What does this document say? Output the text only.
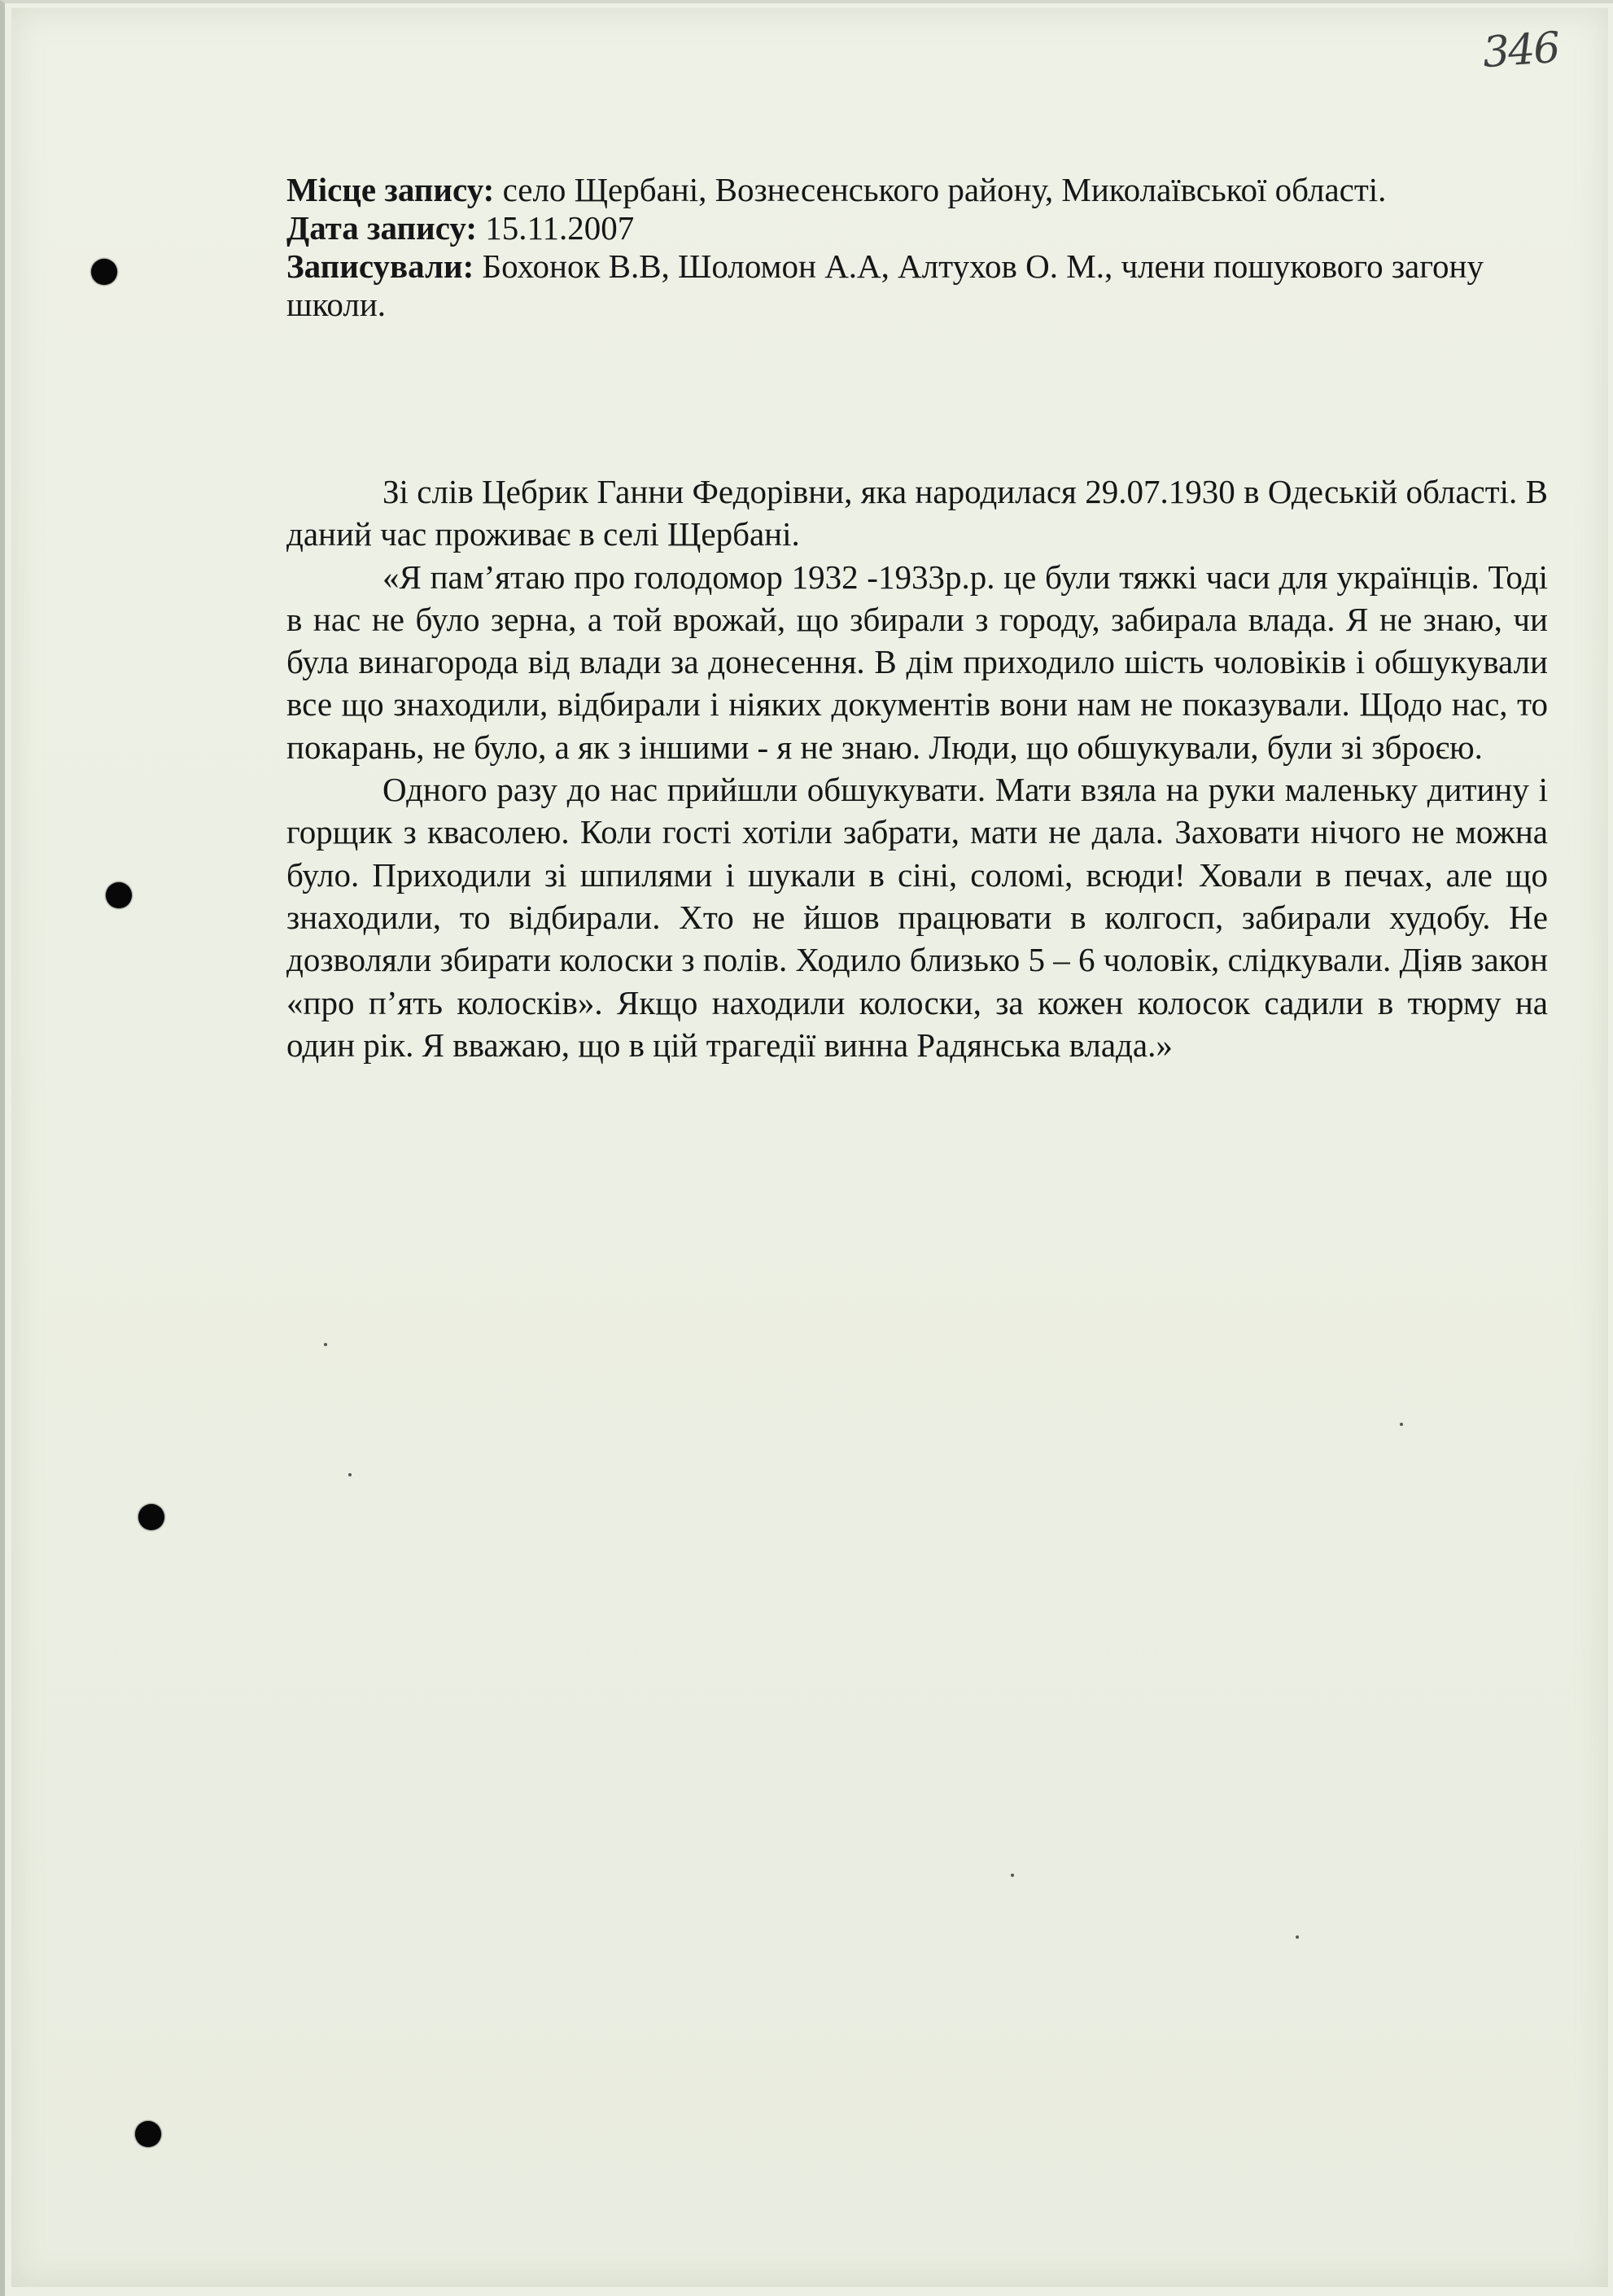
346

Місце запису: село Щербані, Вознесенського району, Миколаївської області.

Дата запису: 15.11.2007

Записували: Бохонок В.В, Шоломон А.А, Алтухов О. М., члени пошукового загону школи.

Зі слів Цебрик Ганни Федорівни, яка народилася 29.07.1930 в Одеській області. В даний час проживає в селі Щербані.

«Я пам’ятаю про голодомор 1932 -1933р.р. це були тяжкі часи для українців. Тоді в нас не було зерна, а той врожай, що збирали з городу, забирала влада. Я не знаю, чи була винагорода від влади за донесення. В дім приходило шість чоловіків і обшукували все що знаходили, відбирали і ніяких документів вони нам не показували. Щодо нас, то покарань, не було, а як з іншими - я не знаю. Люди, що обшукували, були зі зброєю.

Одного разу до нас прийшли обшукувати. Мати взяла на руки маленьку дитину і горщик з квасолею. Коли гості хотіли забрати, мати не дала. Заховати нічого не можна було. Приходили зі шпилями і шукали в сіні, соломі, всюди! Ховали в печах, але що знаходили, то відбирали. Хто не йшов працювати в колгосп, забирали худобу. Не дозволяли збирати колоски з полів. Ходило близько 5 – 6 чоловік, слідкували. Діяв закон «про п’ять колосків». Якщо находили колоски, за кожен колосок садили в тюрму на один рік. Я вважаю, що в цій трагедії винна Радянська влада.»
